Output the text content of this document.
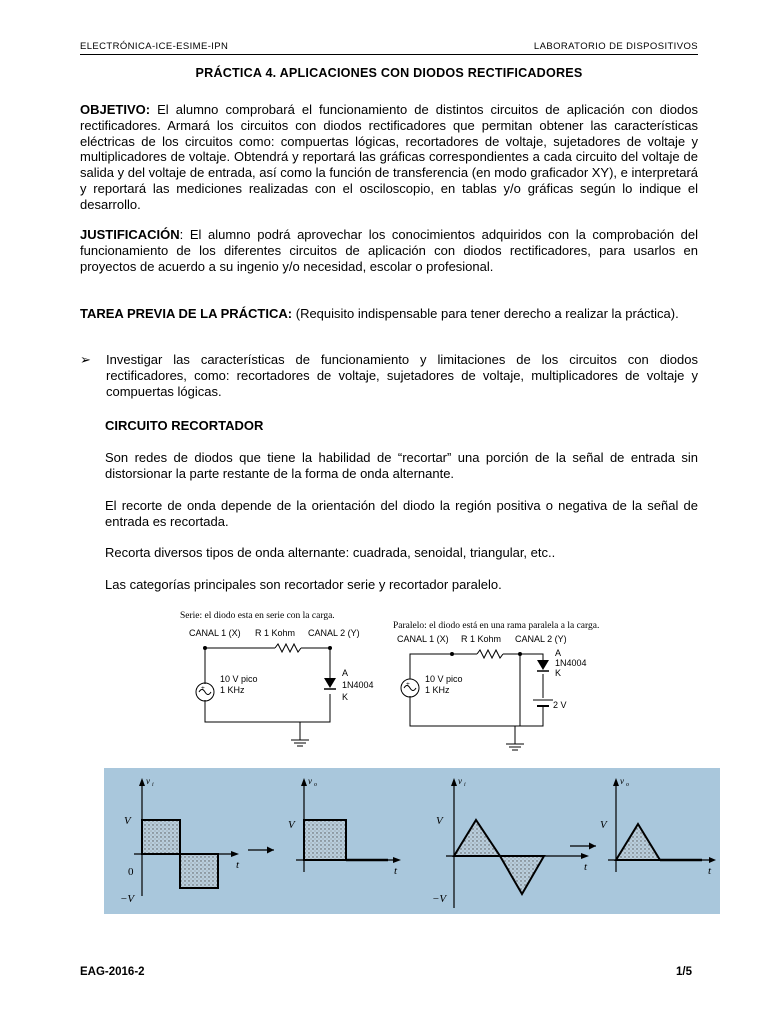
ELECTRÓNICA-ICE-ESIME-IPN	LABORATORIO DE DISPOSITIVOS
PRÁCTICA 4. APLICACIONES CON DIODOS RECTIFICADORES
OBJETIVO: El alumno comprobará el funcionamiento de distintos circuitos de aplicación con diodos rectificadores. Armará los circuitos con diodos rectificadores que permitan obtener las características eléctricas de los circuitos como: compuertas lógicas, recortadores de voltaje, sujetadores de voltaje y multiplicadores de voltaje. Obtendrá y reportará las gráficas correspondientes a cada circuito del voltaje de salida y del voltaje de entrada, así como la función de transferencia (en modo graficador XY), e interpretará y reportará las mediciones realizadas con el osciloscopio, en tablas y/o gráficas según lo indique el desarrollo.
JUSTIFICACIÓN: El alumno podrá aprovechar los conocimientos adquiridos con la comprobación del funcionamiento de los diferentes circuitos de aplicación con diodos rectificadores, para usarlos en proyectos de acuerdo a su ingenio y/o necesidad, escolar o profesional.
TAREA PREVIA DE LA PRÁCTICA: (Requisito indispensable para tener derecho a realizar la práctica).
➢	Investigar las características de funcionamiento y limitaciones de los circuitos con diodos rectificadores, como: recortadores de voltaje, sujetadores de voltaje, multiplicadores de voltaje y compuertas lógicas.
CIRCUITO RECORTADOR
Son redes de diodos que tiene la habilidad de “recortar” una porción de la señal de entrada sin distorsionar la parte restante de la forma de onda alternante.
El recorte de onda depende de la orientación del diodo la región positiva o negativa de la señal de entrada es recortada.
Recorta diversos tipos de onda alternante: cuadrada, senoidal, triangular, etc..
Las categorías principales son recortador serie y recortador paralelo.
Serie: el diodo esta en serie con la carga.
CANAL 1 (X) R 1 Kohm CANAL 2 (Y)
+
10 V pico
1 KHz
A
1N4004
K
Paralelo: el diodo está en una rama paralela a la carga.
CANAL 1 (X) R 1 Kohm CANAL 2 (Y)
+
10 V pico
1 KHz
A
1N4004
K
2 V
v i
V
0
−V
t
v o
V
t
v i
V
−V
t
v o
V
t
EAG-2016-2	1/5
